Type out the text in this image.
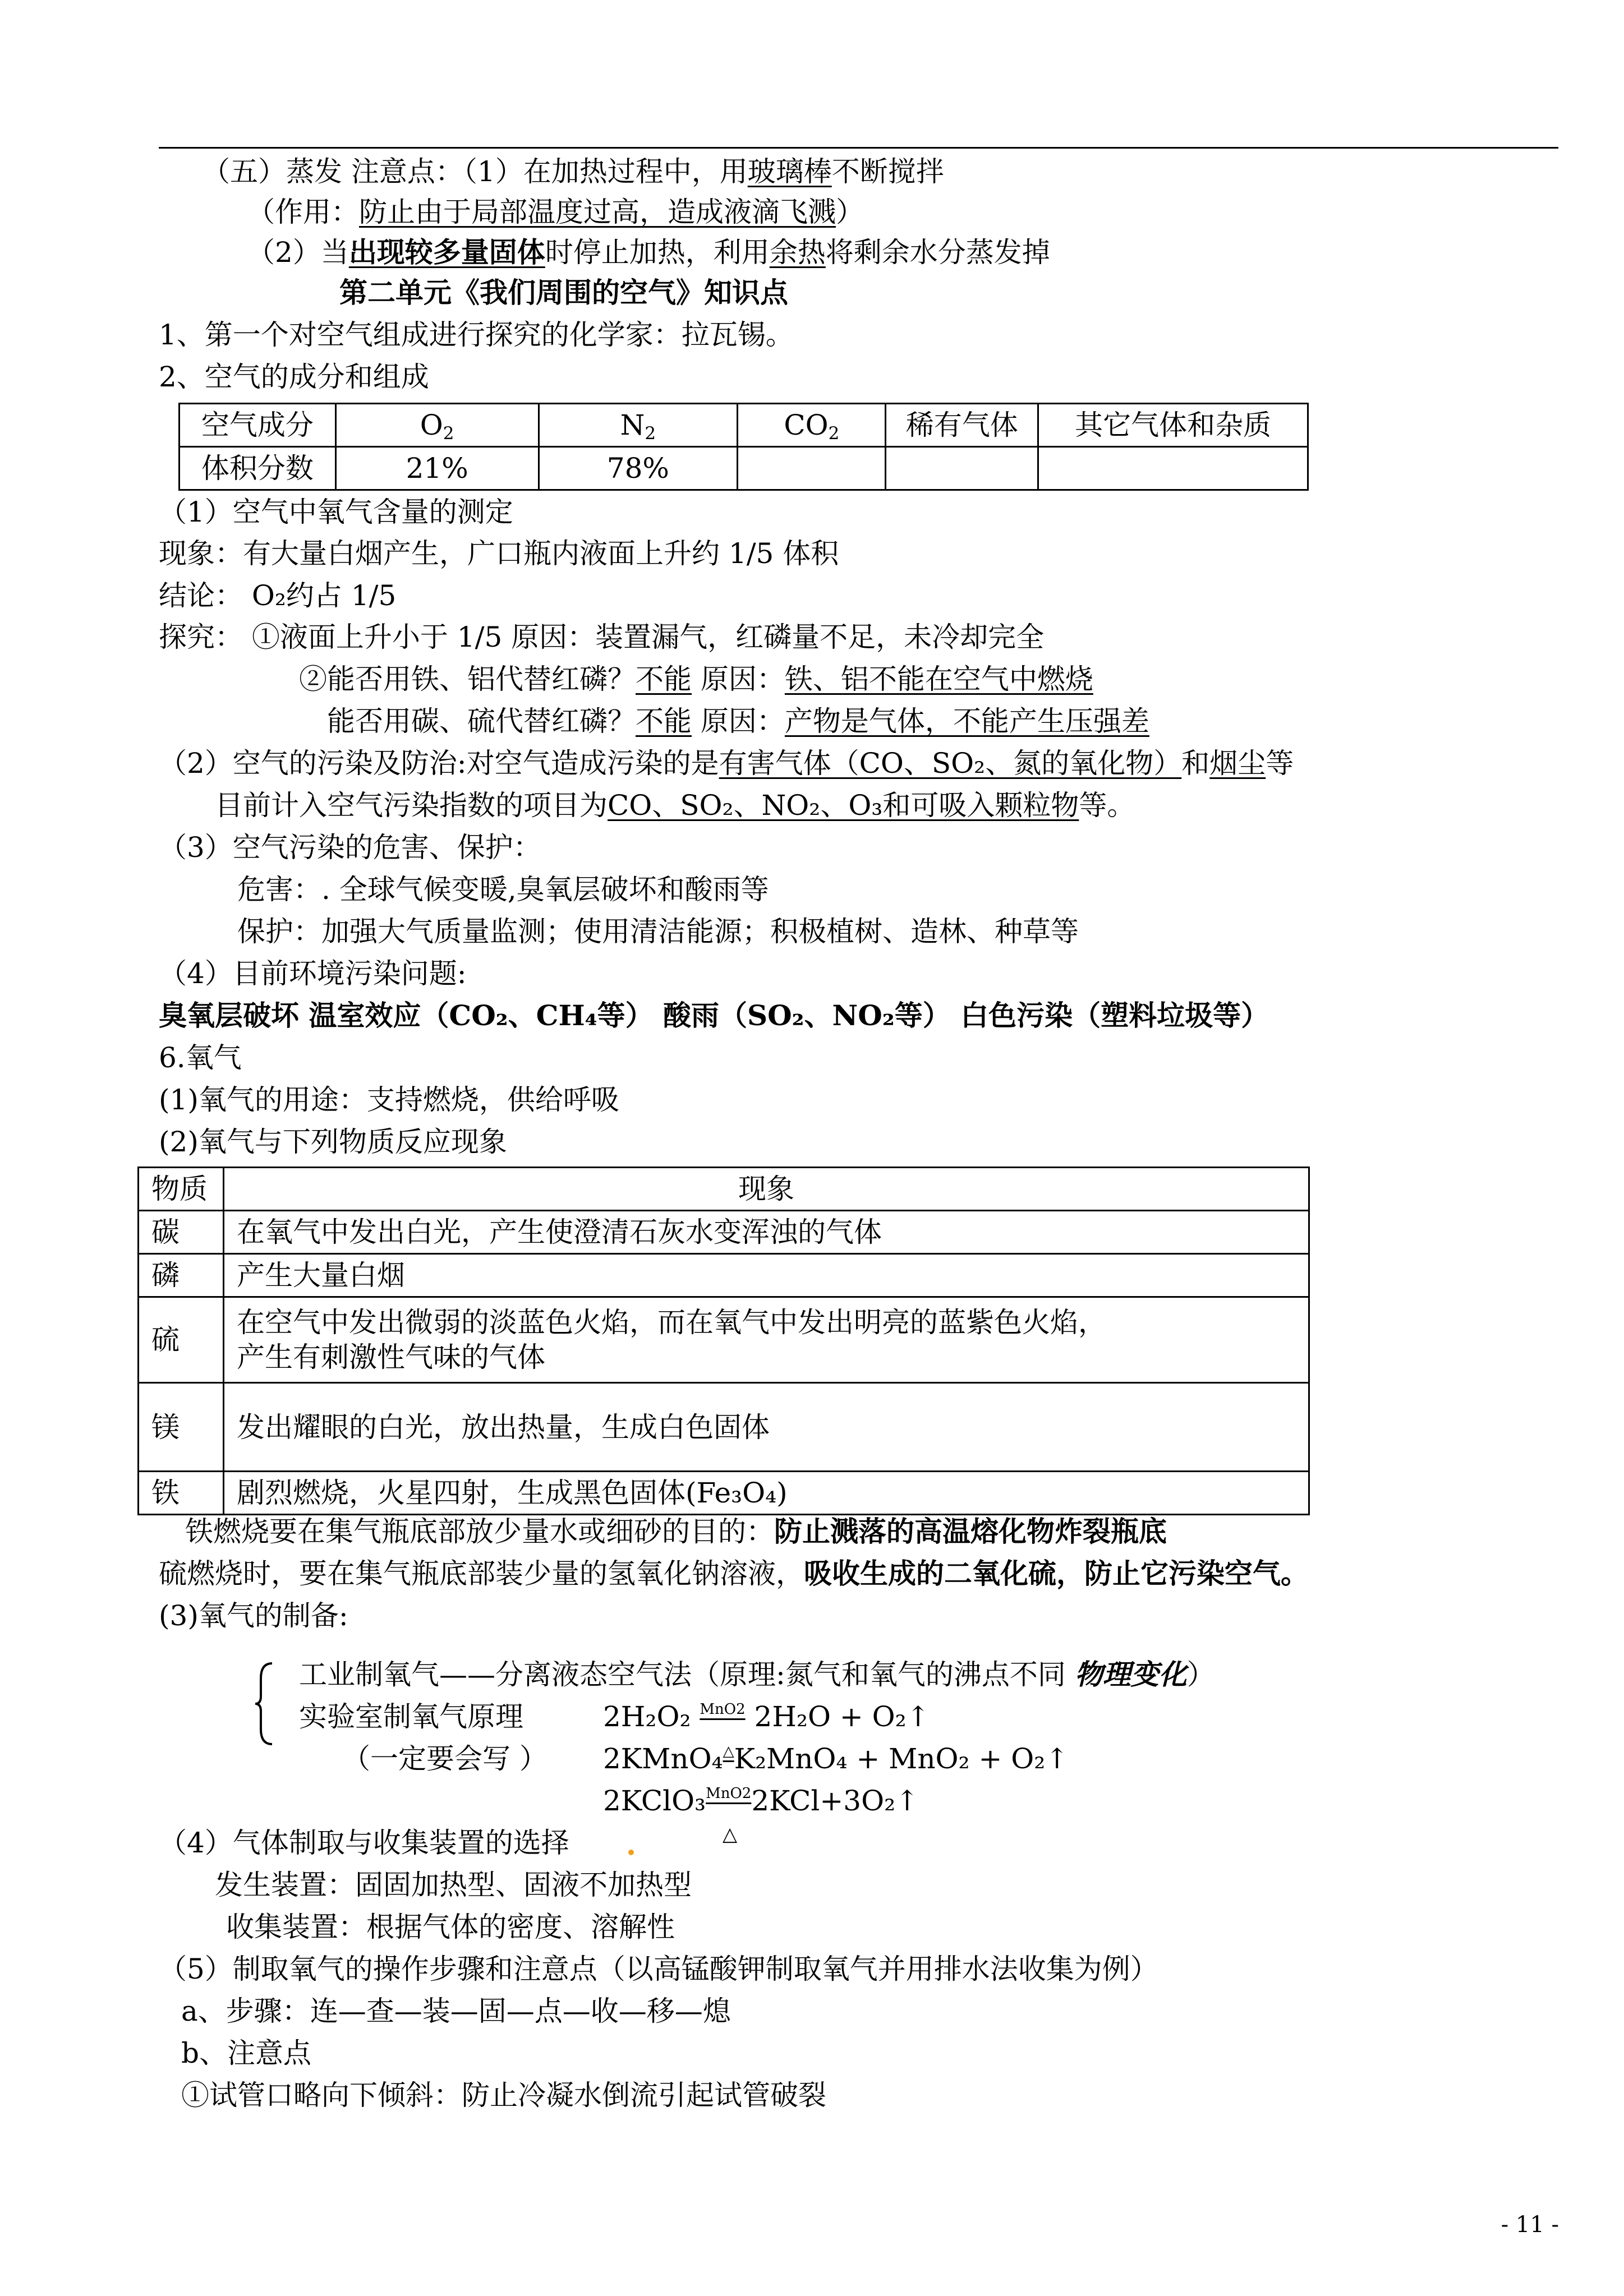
（五）蒸发 注意点：（1）在加热过程中，用玻璃棒不断搅拌
（作用：防止由于局部温度过高，造成液滴飞溅）
（2）当出现较多量固体时停止加热，利用余热将剩余水分蒸发掉
第二单元《我们周围的空气》知识点
1、第一个对空气组成进行探究的化学家：拉瓦锡。
2、空气的成分和组成
空气成分	$O_2$	$N_2$	$CO_2$	稀有气体	其它气体和杂质
体积分数	21%	78%			
（1）空气中氧气含量的测定
现象：有大量白烟产生，广口瓶内液面上升约 1/5 体积
结论： O₂约占 1/5
探究： ①液面上升小于 1/5 原因：装置漏气，红磷量不足，未冷却完全
②能否用铁、铝代替红磷？不能 原因：铁、铝不能在空气中燃烧
能否用碳、硫代替红磷？不能 原因：产物是气体，不能产生压强差
（2）空气的污染及防治:对空气造成污染的是有害气体（CO、SO₂、氮的氧化物）和烟尘等
目前计入空气污染指数的项目为CO、SO₂、NO₂、O₃和可吸入颗粒物等。
（3）空气污染的危害、保护：
危害：. 全球气候变暖,臭氧层破坏和酸雨等
保护：加强大气质量监测；使用清洁能源；积极植树、造林、种草等
（4）目前环境污染问题:
臭氧层破坏 温室效应（CO₂、CH₄等） 酸雨（SO₂、NO₂等） 白色污染（塑料垃圾等）
6.氧气
(1)氧气的用途：支持燃烧，供给呼吸
(2)氧气与下列物质反应现象
物质	现象
碳	在氧气中发出白光，产生使澄清石灰水变浑浊的气体
磷	产生大量白烟
硫	在空气中发出微弱的淡蓝色火焰，而在氧气中发出明亮的蓝紫色火焰，
产生有刺激性气味的气体

镁	发出耀眼的白光，放出热量，生成白色固体
铁	剧烈燃烧，火星四射，生成黑色固体(Fe₃O₄)
铁燃烧要在集气瓶底部放少量水或细砂的目的：防止溅落的高温熔化物炸裂瓶底
硫燃烧时，要在集气瓶底部装少量的氢氧化钠溶液，吸收生成的二氧化硫，防止它污染空气。
(3)氧气的制备:
工业制氧气——分离液态空气法（原理:氮气和氧气的沸点不同 物理变化）
实验室制氧气原理	2H₂O₂ $^{MnO2}$ 2H₂O + O₂↑
（一定要会写 ） 2KMnO₄△K₂MnO₄ + MnO₂ + O₂↑
2KClO₃$^{MnO2}$2KCl+3O₂↑
△
（4）气体制取与收集装置的选择
发生装置：固固加热型、固液不加热型
收集装置：根据气体的密度、溶解性
（5）制取氧气的操作步骤和注意点（以高锰酸钾制取氧气并用排水法收集为例）
a、步骤：连—查—装—固—点—收—移—熄
b、注意点
①试管口略向下倾斜：防止冷凝水倒流引起试管破裂
- 11 -
